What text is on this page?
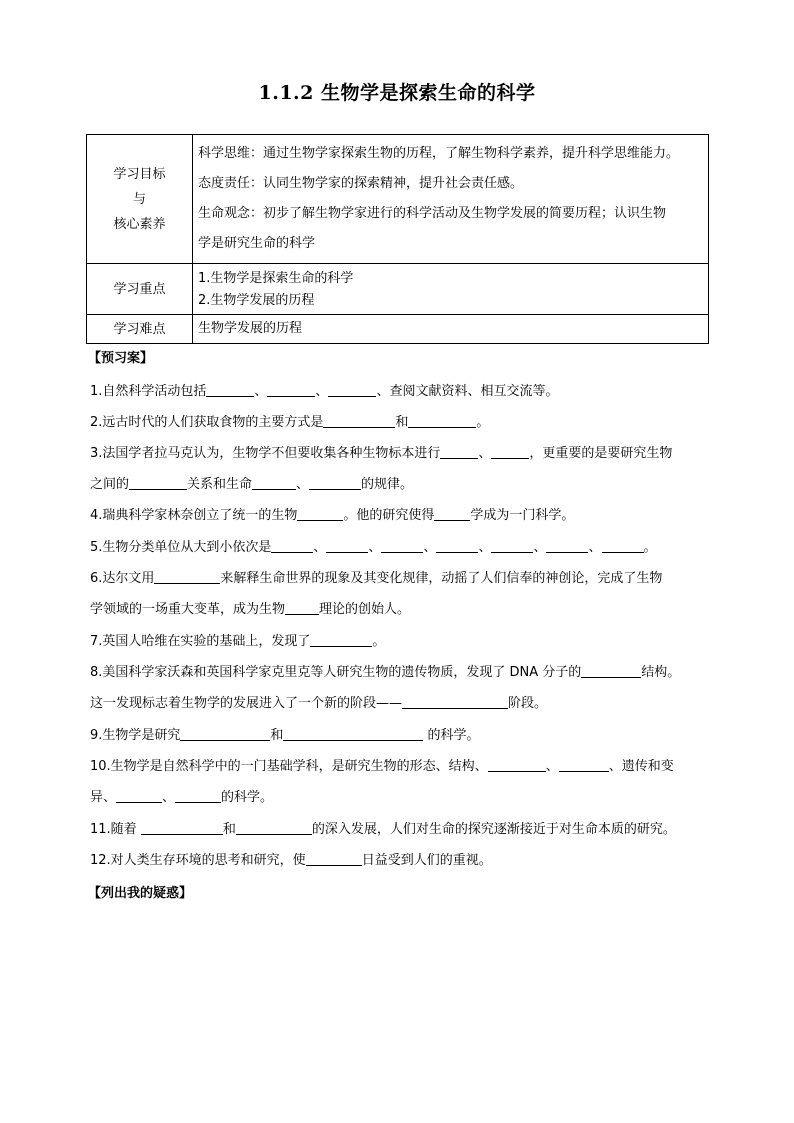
1.1.2 生物学是探索生命的科学
学习目标
与
核心素养	科学思维：通过生物学家探索生物的历程，了解生物科学素养，提升科学思维能力。
态度责任：认同生物学家的探索精神，提升社会责任感。
生命观念：初步了解生物学家进行的科学活动及生物学发展的简要历程；认识生物
学是研究生命的科学

学习重点	1.生物学是探索生命的科学
2.生物学发展的历程

学习难点	生物学发展的历程
【预习案】
1.自然科学活动包括	、	、	、查阅文献资料、相互交流等。
2.远古时代的人们获取食物的主要方式是	和	。
3.法国学者拉马克认为，生物学不但要收集各种生物标本进行	、	，更重要的是要研究生物
之间的	关系和生命	、	的规律。
4.瑞典科学家林奈创立了统一的生物	。他的研究使得	学成为一门科学。
5.生物分类单位从大到小依次是	、	、	、	、	、	、	。
6.达尔文用	来解释生命世界的现象及其变化规律，动摇了人们信奉的神创论，完成了生物
学领域的一场重大变革，成为生物	理论的创始人。
7.英国人哈维在实验的基础上，发现了	。
8.美国科学家沃森和英国科学家克里克等人研究生物的遗传物质，发现了 DNA 分子的	结构。
这一发现标志着生物学的发展进入了一个新的阶段——	阶段。
9.生物学是研究	和	的科学。
10.生物学是自然科学中的一门基础学科，是研究生物的形态、结构、	、	、遗传和变
异、	、	的科学。
11.随着	和	的深入发展，人们对生命的探究逐渐接近于对生命本质的研究。
12.对人类生存环境的思考和研究，使	日益受到人们的重视。
【列出我的疑惑】
